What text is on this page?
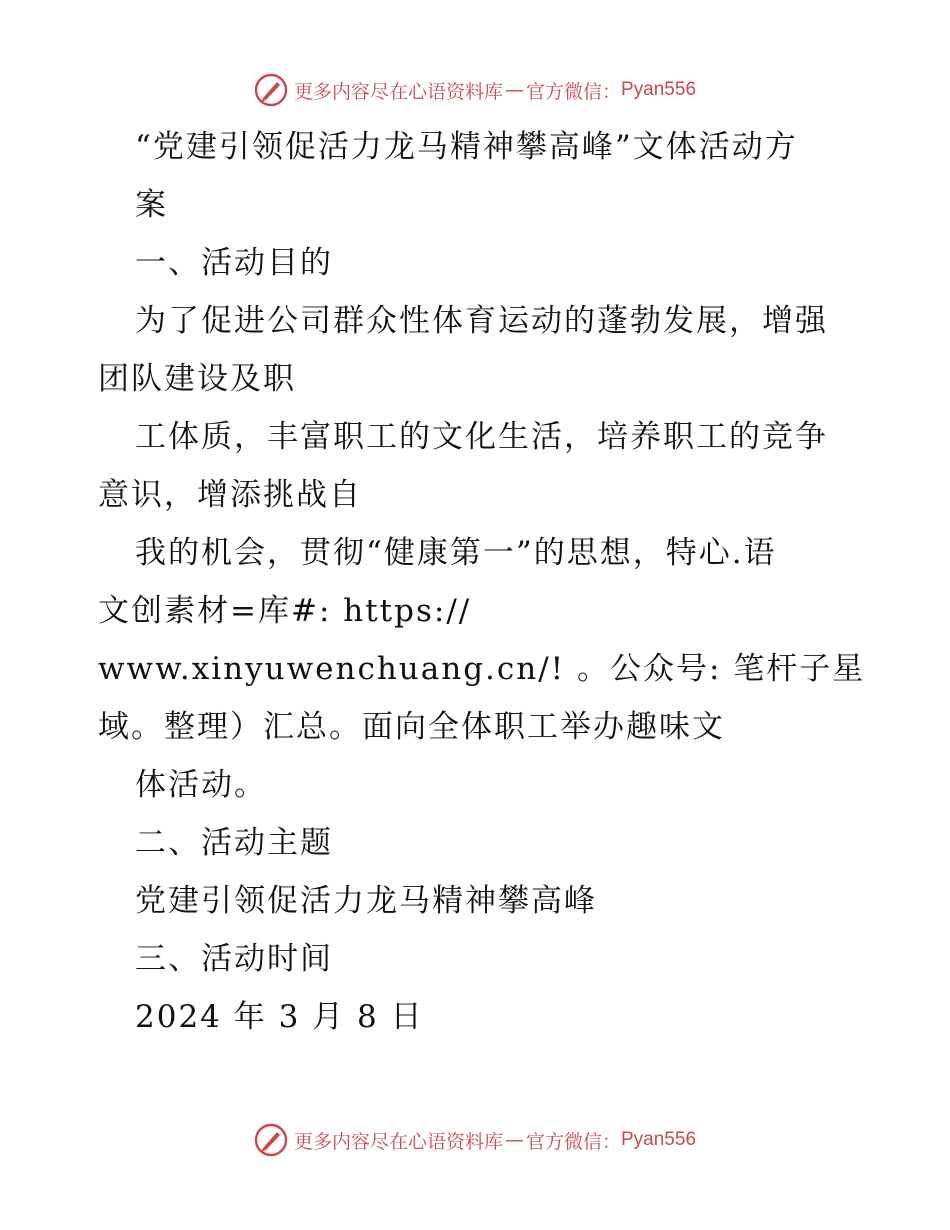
更多内容尽在心语资料库 — 官方微信： Pyan556
“党建引领促活力龙马精神攀高峰”文体活动方
案
一、活动目的
为了促进公司群众性体育运动的蓬勃发展，增强
团队建设及职
工体质，丰富职工的文化生活，培养职工的竞争
意识，增添挑战自
我的机会，贯彻“健康第一”的思想，特心.语
文创素材=库#: https://
www.xinyuwenchuang.cn/! 。公众号: 笔杆子星
域。整理）汇总。面向全体职工举办趣味文
体活动。
二、活动主题
党建引领促活力龙马精神攀高峰
三、活动时间
2024 年 3 月 8 日
更多内容尽在心语资料库 — 官方微信： Pyan556
